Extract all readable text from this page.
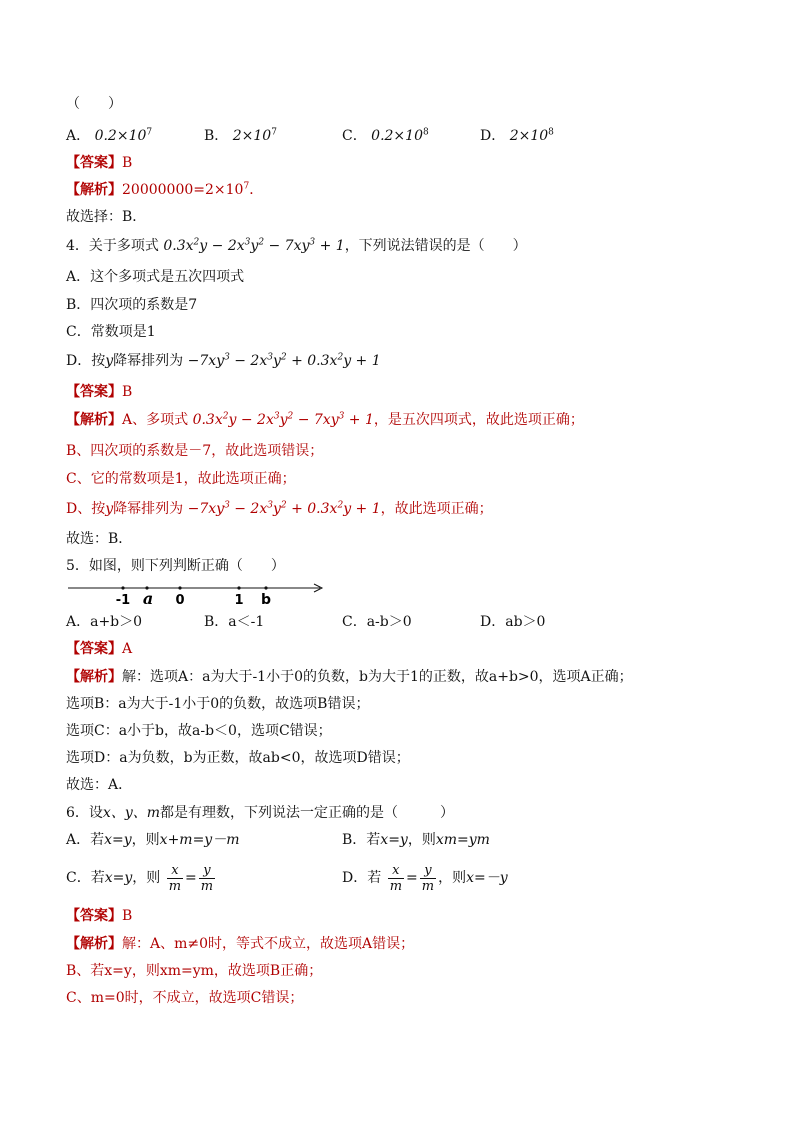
（　　）
A． $0.2\times 10^7$	B． $2\times 10^7$	C． $0.2\times 10^8$	D． $2\times 10^8$
【答案】B
【解析】$20000000=2\times 10^7$．
故选择：B．
4．关于多项式 $0.3x^2y - 2x^3y^2 - 7xy^3 + 1$，下列说法错误的是（　　）
A．这个多项式是五次四项式
B．四次项的系数是7
C．常数项是1
D．按y降幂排列为 $-7xy^3 - 2x^3y^2 + 0.3x^2y + 1$
【答案】B
【解析】A、多项式 $0.3x^2y - 2x^3y^2 - 7xy^3 + 1$，是五次四项式，故此选项正确；
B、四次项的系数是－7，故此选项错误；
C、它的常数项是1，故此选项正确；
D、按y降幂排列为 $-7xy^3 - 2x^3y^2 + 0.3x^2y + 1$，故此选项正确；
故选：B．
5．如图，则下列判断正确（　　）
-1 a 0	1 b
A．a+b＞0	B．a＜-1	C．a-b＞0	D．ab＞0
【答案】A
【解析】解：选项A：a为大于-1小于0的负数，b为大于1的正数，故a+b>0，选项A正确；
选项B：a为大于-1小于0的负数，故选项B错误；
选项C：a小于b，故a-b＜0，选项C错误；
选项D：a为负数，b为正数，故ab<0，故选项D错误；
故选：A．
6．设x、y、m都是有理数，下列说法一定正确的是（　　　）
A．若x=y，则x+m=y－m	B．若x=y，则xm=ym
C．若x=y，则 $\frac{x}{m} = \frac{y}{m}$	D．若 $\frac{x}{m} = \frac{y}{m}$ ，则x=－y
【答案】B
【解析】解：A、m≠0时，等式不成立，故选项A错误；
B、若x=y，则xm=ym，故选项B正确；
C、m=0时，不成立，故选项C错误；
